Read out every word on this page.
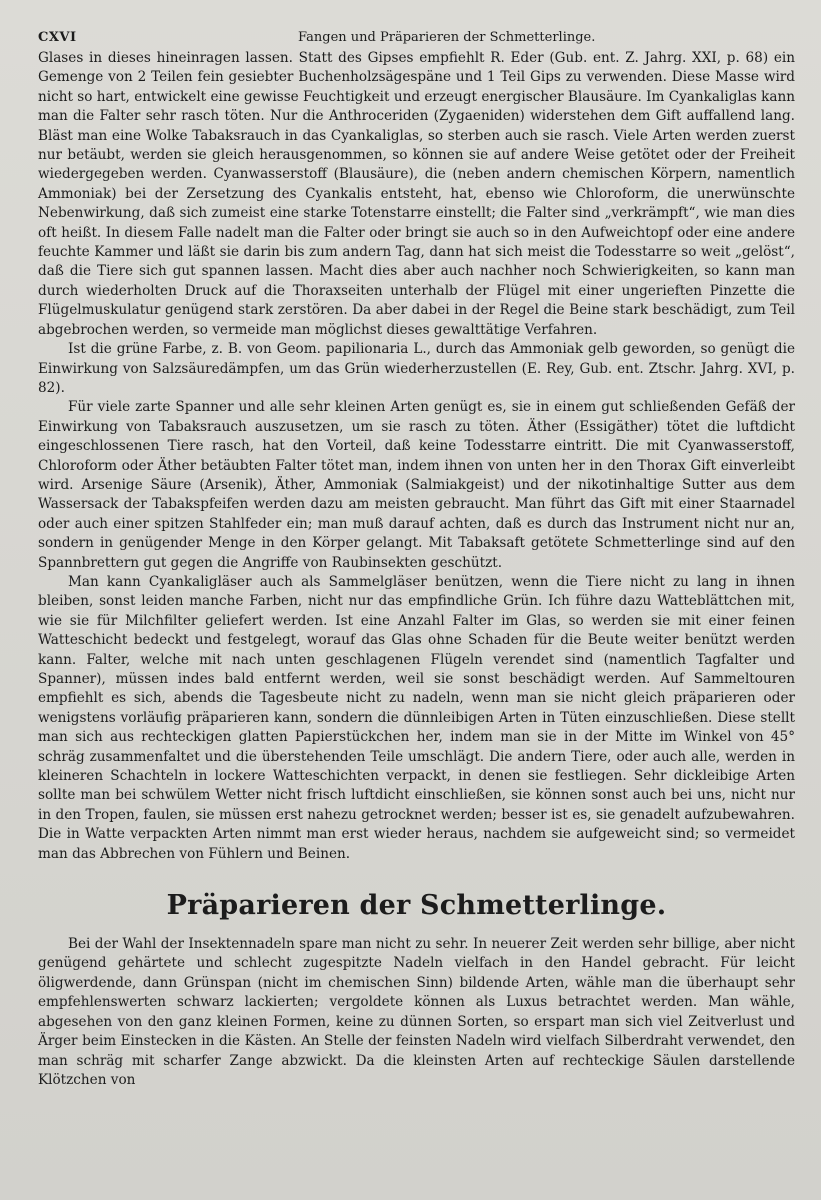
CXVI	Fangen und Präparieren der Schmetterlinge.

Glases in dieses hineinragen lassen. Statt des Gipses empfiehlt R. Eder (Gub. ent. Z. Jahrg. XXI, p. 68) ein Gemenge von 2 Teilen fein gesiebter Buchenholzsägespäne und 1 Teil Gips zu verwenden. Diese Masse wird nicht so hart, entwickelt eine gewisse Feuchtigkeit und erzeugt energischer Blausäure. Im Cyankaliglas kann man die Falter sehr rasch töten. Nur die Anthroceriden (Zygaeniden) widerstehen dem Gift auffallend lang. Bläst man eine Wolke Tabaksrauch in das Cyankaliglas, so sterben auch sie rasch. Viele Arten werden zuerst nur betäubt, werden sie gleich herausgenommen, so können sie auf andere Weise getötet oder der Freiheit wiedergegeben werden. Cyanwasserstoff (Blausäure), die (neben andern chemischen Körpern, namentlich Ammoniak) bei der Zersetzung des Cyankalis entsteht, hat, ebenso wie Chloroform, die unerwünschte Nebenwirkung, daß sich zumeist eine starke Totenstarre einstellt; die Falter sind „verkrämpft“, wie man dies oft heißt. In diesem Falle nadelt man die Falter oder bringt sie auch so in den Aufweichtopf oder eine andere feuchte Kammer und läßt sie darin bis zum andern Tag, dann hat sich meist die Todesstarre so weit „gelöst“, daß die Tiere sich gut spannen lassen. Macht dies aber auch nachher noch Schwierigkeiten, so kann man durch wiederholten Druck auf die Thoraxseiten unterhalb der Flügel mit einer ungerieften Pinzette die Flügelmuskulatur genügend stark zerstören. Da aber dabei in der Regel die Beine stark beschädigt, zum Teil abgebrochen werden, so vermeide man möglichst dieses gewalttätige Verfahren.

Ist die grüne Farbe, z. B. von Geom. papilionaria L., durch das Ammoniak gelb geworden, so genügt die Einwirkung von Salzsäuredämpfen, um das Grün wiederherzustellen (E. Rey, Gub. ent. Ztschr. Jahrg. XVI, p. 82).

Für viele zarte Spanner und alle sehr kleinen Arten genügt es, sie in einem gut schließenden Gefäß der Einwirkung von Tabaksrauch auszusetzen, um sie rasch zu töten. Äther (Essigäther) tötet die luftdicht eingeschlossenen Tiere rasch, hat den Vorteil, daß keine Todesstarre eintritt. Die mit Cyanwasserstoff, Chloroform oder Äther betäubten Falter tötet man, indem ihnen von unten her in den Thorax Gift einverleibt wird. Arsenige Säure (Arsenik), Äther, Ammoniak (Salmiakgeist) und der nikotinhaltige Sutter aus dem Wassersack der Tabakspfeifen werden dazu am meisten gebraucht. Man führt das Gift mit einer Staarnadel oder auch einer spitzen Stahlfeder ein; man muß darauf achten, daß es durch das Instrument nicht nur an, sondern in genügender Menge in den Körper gelangt. Mit Tabaksaft getötete Schmetterlinge sind auf den Spannbrettern gut gegen die Angriffe von Raubinsekten geschützt.

Man kann Cyankaligläser auch als Sammelgläser benützen, wenn die Tiere nicht zu lang in ihnen bleiben, sonst leiden manche Farben, nicht nur das empfindliche Grün. Ich führe dazu Watteblättchen mit, wie sie für Milchfilter geliefert werden. Ist eine Anzahl Falter im Glas, so werden sie mit einer feinen Watteschicht bedeckt und festgelegt, worauf das Glas ohne Schaden für die Beute weiter benützt werden kann. Falter, welche mit nach unten geschlagenen Flügeln verendet sind (namentlich Tagfalter und Spanner), müssen indes bald entfernt werden, weil sie sonst beschädigt werden. Auf Sammeltouren empfiehlt es sich, abends die Tagesbeute nicht zu nadeln, wenn man sie nicht gleich präparieren oder wenigstens vorläufig präparieren kann, sondern die dünnleibigen Arten in Tüten einzuschließen. Diese stellt man sich aus rechteckigen glatten Papierstückchen her, indem man sie in der Mitte im Winkel von 45° schräg zusammenfaltet und die überstehenden Teile umschlägt. Die andern Tiere, oder auch alle, werden in kleineren Schachteln in lockere Watteschichten verpackt, in denen sie festliegen. Sehr dickleibige Arten sollte man bei schwülem Wetter nicht frisch luftdicht einschließen, sie können sonst auch bei uns, nicht nur in den Tropen, faulen, sie müssen erst nahezu getrocknet werden; besser ist es, sie genadelt aufzubewahren. Die in Watte verpackten Arten nimmt man erst wieder heraus, nachdem sie aufgeweicht sind; so vermeidet man das Abbrechen von Fühlern und Beinen.

Präparieren der Schmetterlinge.

Bei der Wahl der Insektennadeln spare man nicht zu sehr. In neuerer Zeit werden sehr billige, aber nicht genügend gehärtete und schlecht zugespitzte Nadeln vielfach in den Handel gebracht. Für leicht öligwerdende, dann Grünspan (nicht im chemischen Sinn) bildende Arten, wähle man die überhaupt sehr empfehlenswerten schwarz lackierten; vergoldete können als Luxus betrachtet werden. Man wähle, abgesehen von den ganz kleinen Formen, keine zu dünnen Sorten, so erspart man sich viel Zeitverlust und Ärger beim Einstecken in die Kästen. An Stelle der feinsten Nadeln wird vielfach Silberdraht verwendet, den man schräg mit scharfer Zange abzwickt. Da die kleinsten Arten auf rechteckige Säulen darstellende Klötzchen von
